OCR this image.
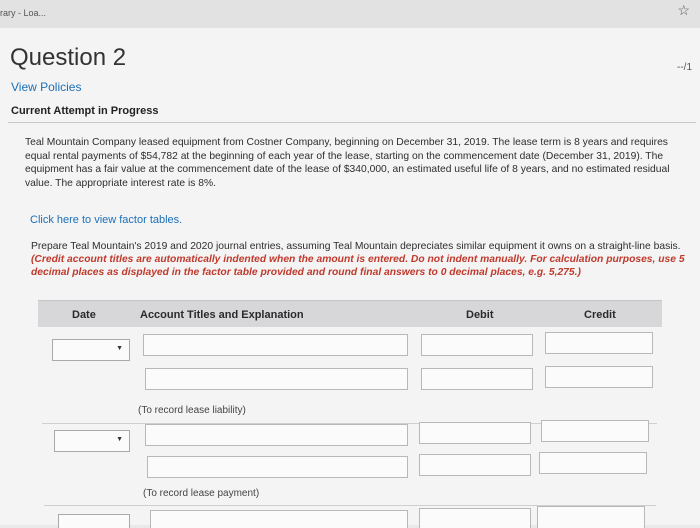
rary - Loa...	☆
Question 2	--/1
View Policies
Current Attempt in Progress
Teal Mountain Company leased equipment from Costner Company, beginning on December 31, 2019. The lease term is 8 years and requires equal rental payments of $54,782 at the beginning of each year of the lease, starting on the commencement date (December 31, 2019). The equipment has a fair value at the commencement date of the lease of $340,000, an estimated useful life of 8 years, and no estimated residual value. The appropriate interest rate is 8%.
Click here to view factor tables.
Prepare Teal Mountain's 2019 and 2020 journal entries, assuming Teal Mountain depreciates similar equipment it owns on a straight-line basis. (Credit account titles are automatically indented when the amount is entered. Do not indent manually. For calculation purposes, use 5 decimal places as displayed in the factor table provided and round final answers to 0 decimal places, e.g. 5,275.)
Date	Account Titles and Explanation	Debit	Credit
▼
(To record lease liability)
▼
(To record lease payment)
